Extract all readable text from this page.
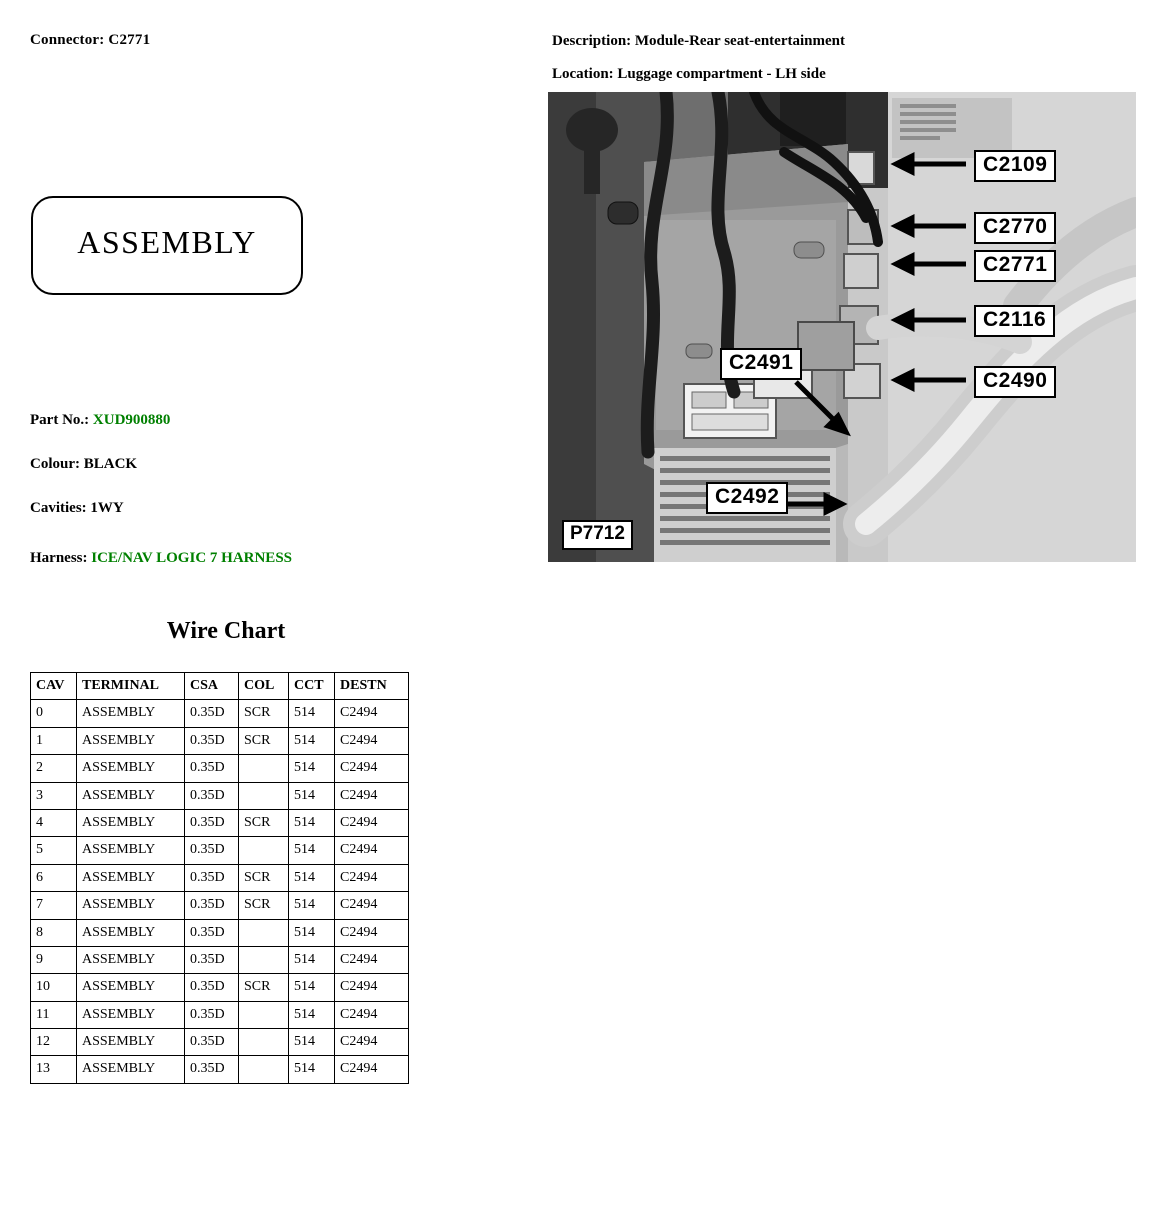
Connector: C2771
ASSEMBLY
Part No.: XUD900880
Colour: BLACK
Cavities: 1WY
Harness: ICE/NAV LOGIC 7 HARNESS
Wire Chart
CAV	TERMINAL	CSA	COL	CCT	DESTN
0	ASSEMBLY	0.35D	SCR	514	C2494
1	ASSEMBLY	0.35D	SCR	514	C2494
2	ASSEMBLY	0.35D		514	C2494
3	ASSEMBLY	0.35D		514	C2494
4	ASSEMBLY	0.35D	SCR	514	C2494
5	ASSEMBLY	0.35D		514	C2494
6	ASSEMBLY	0.35D	SCR	514	C2494
7	ASSEMBLY	0.35D	SCR	514	C2494
8	ASSEMBLY	0.35D		514	C2494
9	ASSEMBLY	0.35D		514	C2494
10	ASSEMBLY	0.35D	SCR	514	C2494
11	ASSEMBLY	0.35D		514	C2494
12	ASSEMBLY	0.35D		514	C2494
13	ASSEMBLY	0.35D		514	C2494
Description: Module-Rear seat-entertainment
Location: Luggage compartment - LH side
P7712
C2109
C2770
C2771
C2116
C2490
C2491
C2492
